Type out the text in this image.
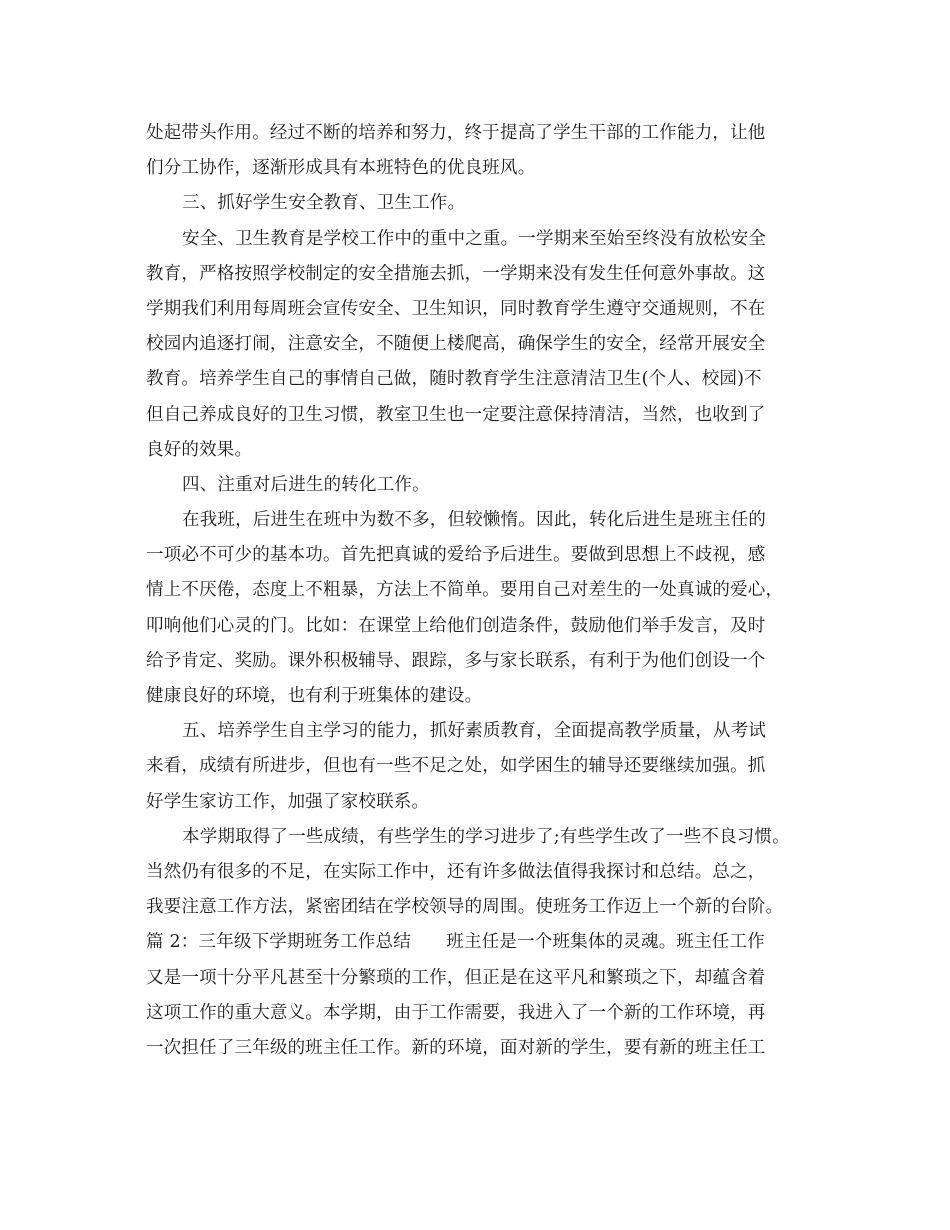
处起带头作用。经过不断的培养和努力，终于提高了学生干部的工作能力，让他
们分工协作，逐渐形成具有本班特色的优良班风。
三、抓好学生安全教育、卫生工作。
安全、卫生教育是学校工作中的重中之重。一学期来至始至终没有放松安全
教育，严格按照学校制定的安全措施去抓，一学期来没有发生任何意外事故。这
学期我们利用每周班会宣传安全、卫生知识，同时教育学生遵守交通规则，不在
校园内追逐打闹，注意安全，不随便上楼爬高，确保学生的安全，经常开展安全
教育。培养学生自己的事情自己做，随时教育学生注意清洁卫生(个人、校园)不
但自己养成良好的卫生习惯，教室卫生也一定要注意保持清洁，当然，也收到了
良好的效果。
四、注重对后进生的转化工作。
在我班，后进生在班中为数不多，但较懒惰。因此，转化后进生是班主任的
一项必不可少的基本功。首先把真诚的爱给予后进生。要做到思想上不歧视，感
情上不厌倦，态度上不粗暴，方法上不简单。要用自己对差生的一处真诚的爱心，
叩响他们心灵的门。比如：在课堂上给他们创造条件，鼓励他们举手发言，及时
给予肯定、奖励。课外积极辅导、跟踪，多与家长联系，有利于为他们创设一个
健康良好的环境，也有利于班集体的建设。
五、培养学生自主学习的能力，抓好素质教育，全面提高教学质量，从考试
来看，成绩有所进步，但也有一些不足之处，如学困生的辅导还要继续加强。抓
好学生家访工作，加强了家校联系。
本学期取得了一些成绩，有些学生的学习进步了;有些学生改了一些不良习惯。
当然仍有很多的不足，在实际工作中，还有许多做法值得我探讨和总结。总之，
我要注意工作方法，紧密团结在学校领导的周围。使班务工作迈上一个新的台阶。
篇 2：三年级下学期班务工作总结　　班主任是一个班集体的灵魂。班主任工作
又是一项十分平凡甚至十分繁琐的工作，但正是在这平凡和繁琐之下，却蕴含着
这项工作的重大意义。本学期，由于工作需要，我进入了一个新的工作环境，再
一次担任了三年级的班主任工作。新的环境，面对新的学生，要有新的班主任工
